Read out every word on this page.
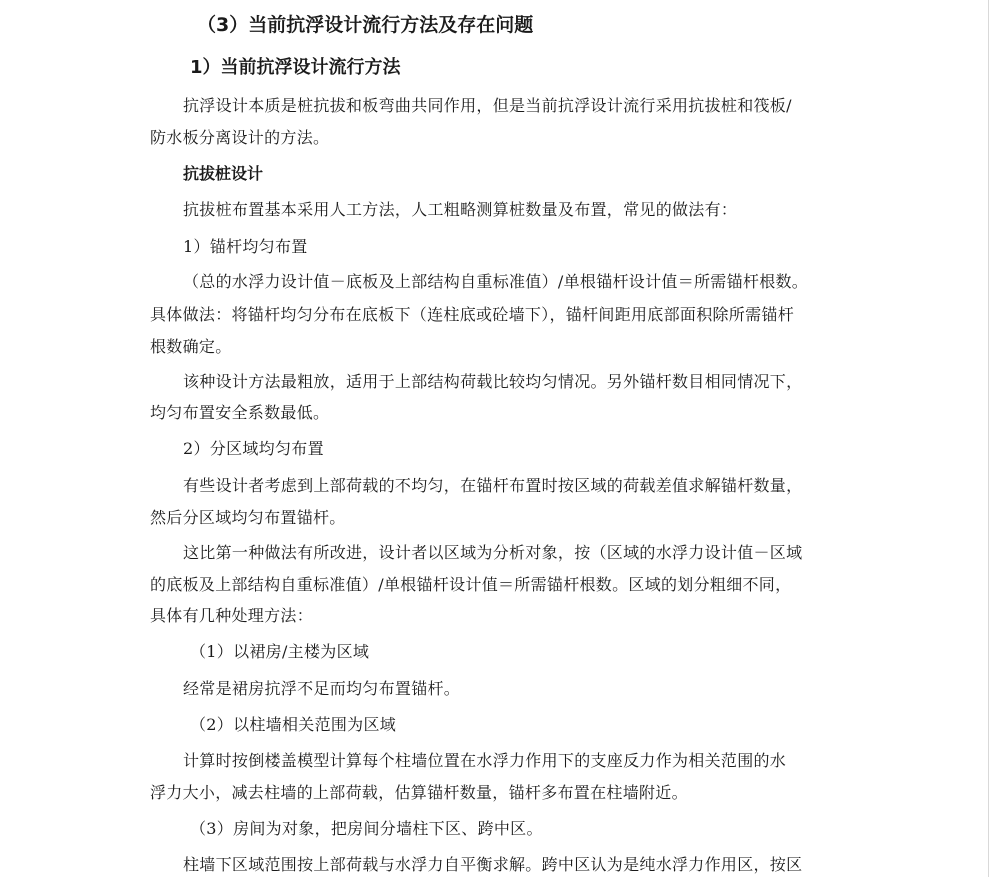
（3）当前抗浮设计流行方法及存在问题
1）当前抗浮设计流行方法
抗浮设计本质是桩抗拔和板弯曲共同作用，但是当前抗浮设计流行采用抗拔桩和筏板/
防水板分离设计的方法。
抗拔桩设计
抗拔桩布置基本采用人工方法，人工粗略测算桩数量及布置，常见的做法有：
1）锚杆均匀布置
（总的水浮力设计值－底板及上部结构自重标准值）/单根锚杆设计值＝所需锚杆根数。
具体做法：将锚杆均匀分布在底板下（连柱底或砼墙下），锚杆间距用底部面积除所需锚杆
根数确定。
该种设计方法最粗放，适用于上部结构荷载比较均匀情况。另外锚杆数目相同情况下，
均匀布置安全系数最低。
2）分区域均匀布置
有些设计者考虑到上部荷载的不均匀，在锚杆布置时按区域的荷载差值求解锚杆数量，
然后分区域均匀布置锚杆。
这比第一种做法有所改进，设计者以区域为分析对象，按（区域的水浮力设计值－区域
的底板及上部结构自重标准值）/单根锚杆设计值＝所需锚杆根数。区域的划分粗细不同，
具体有几种处理方法：
（1）以裙房/主楼为区域
经常是裙房抗浮不足而均匀布置锚杆。
（2）以柱墙相关范围为区域
计算时按倒楼盖模型计算每个柱墙位置在水浮力作用下的支座反力作为相关范围的水
浮力大小，减去柱墙的上部荷载，估算锚杆数量，锚杆多布置在柱墙附近。
（3）房间为对象，把房间分墙柱下区、跨中区。
柱墙下区域范围按上部荷载与水浮力自平衡求解。跨中区认为是纯水浮力作用区，按区
